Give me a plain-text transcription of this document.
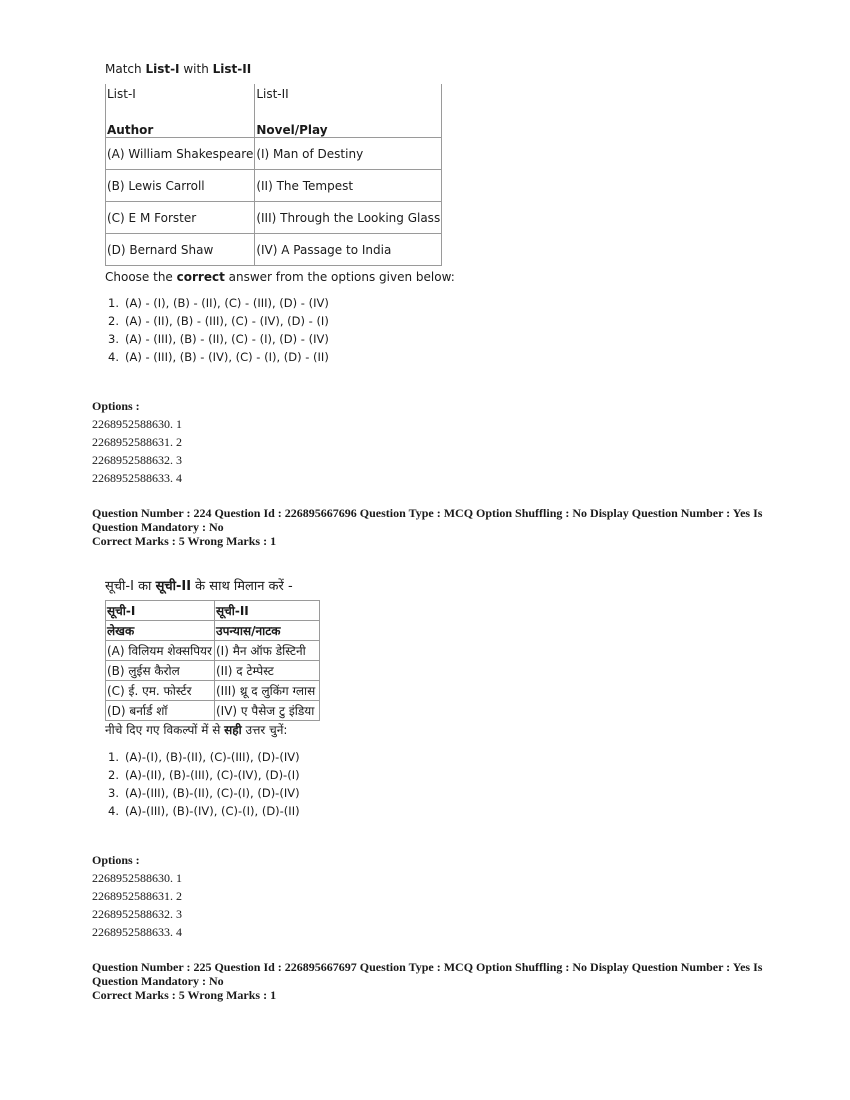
Match List-I with List-II

List-I	List-II
Author	Novel/Play
(A) William Shakespeare	(I) Man of Destiny
(B) Lewis Carroll	(II) The Tempest
(C) E M Forster	(III) Through the Looking Glass
(D) Bernard Shaw	(IV) A Passage to India

Choose the correct answer from the options given below:

1. (A) - (I), (B) - (II), (C) - (III), (D) - (IV)
2. (A) - (II), (B) - (III), (C) - (IV), (D) - (I)
3. (A) - (III), (B) - (II), (C) - (I), (D) - (IV)
4. (A) - (III), (B) - (IV), (C) - (I), (D) - (II)
Options :
2268952588630. 1
2268952588631. 2
2268952588632. 3
2268952588633. 4
Question Number : 224 Question Id : 226895667696 Question Type : MCQ Option Shuffling : No Display Question Number : Yes Is
Question Mandatory : No
Correct Marks : 5 Wrong Marks : 1

सूची-I का सूची-II के साथ मिलान करें -

सूची-I	सूची-II
लेखक	उपन्यास/नाटक
(A) विलियम शेक्सपियर	(I) मैन ऑफ डेस्टिनी
(B) लुईस कैरोल	(II) द टेम्पेस्ट
(C) ई. एम. फोर्स्टर	(III) थ्रू द लुकिंग ग्लास
(D) बर्नार्ड शॉ	(IV) ए पैसेज टु इंडिया

नीचे दिए गए विकल्पों में से सही उत्तर चुनें:

1. (A)-(I), (B)-(II), (C)-(III), (D)-(IV)
2. (A)-(II), (B)-(III), (C)-(IV), (D)-(I)
3. (A)-(III), (B)-(II), (C)-(I), (D)-(IV)
4. (A)-(III), (B)-(IV), (C)-(I), (D)-(II)
Options :
2268952588630. 1
2268952588631. 2
2268952588632. 3
2268952588633. 4
Question Number : 225 Question Id : 226895667697 Question Type : MCQ Option Shuffling : No Display Question Number : Yes Is
Question Mandatory : No
Correct Marks : 5 Wrong Marks : 1
